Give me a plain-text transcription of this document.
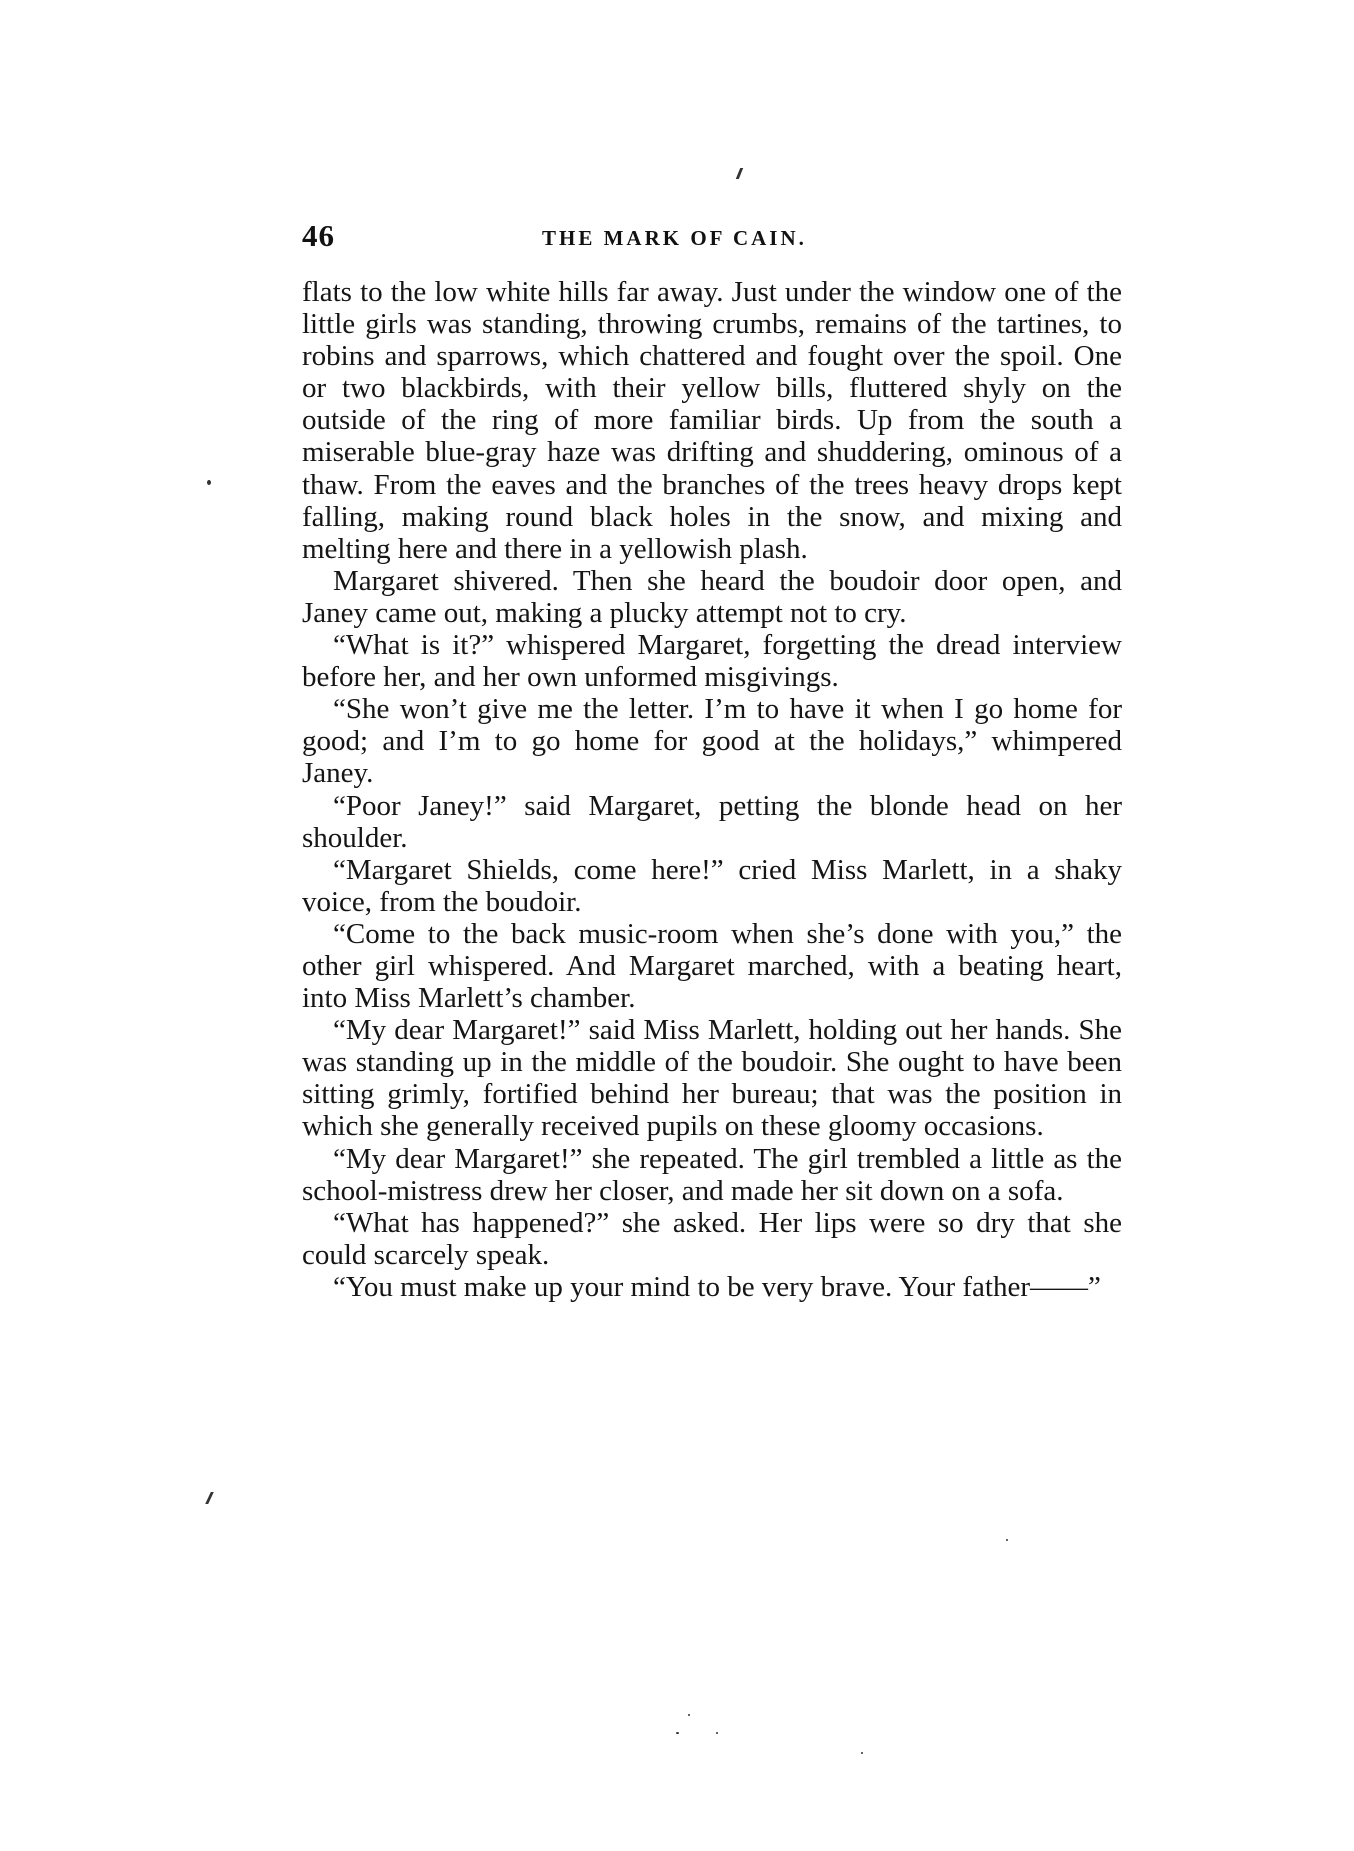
46	THE MARK OF CAIN.

flats to the low white hills far away. Just under the window one of the little girls was standing, throwing crumbs, remains of the tartines, to robins and sparrows, which chattered and fought over the spoil. One or two blackbirds, with their yellow bills, fluttered shyly on the outside of the ring of more familiar birds. Up from the south a miserable blue-gray haze was drifting and shuddering, ominous of a thaw. From the eaves and the branches of the trees heavy drops kept falling, making round black holes in the snow, and mixing and melting here and there in a yellowish plash.

Margaret shivered. Then she heard the boudoir door open, and Janey came out, making a plucky attempt not to cry.

“What is it?” whispered Margaret, forgetting the dread interview before her, and her own unformed misgivings.

“She won’t give me the letter. I’m to have it when I go home for good; and I’m to go home for good at the holidays,” whimpered Janey.

“Poor Janey!” said Margaret, petting the blonde head on her shoulder.

“Margaret Shields, come here!” cried Miss Marlett, in a shaky voice, from the boudoir.

“Come to the back music-room when she’s done with you,” the other girl whispered. And Margaret marched, with a beating heart, into Miss Marlett’s chamber.

“My dear Margaret!” said Miss Marlett, holding out her hands. She was standing up in the middle of the boudoir. She ought to have been sitting grimly, fortified behind her bureau; that was the position in which she generally received pupils on these gloomy occasions.

“My dear Margaret!” she repeated. The girl trembled a little as the school-mistress drew her closer, and made her sit down on a sofa.

“What has happened?” she asked. Her lips were so dry that she could scarcely speak.

“You must make up your mind to be very brave. Your father——”
